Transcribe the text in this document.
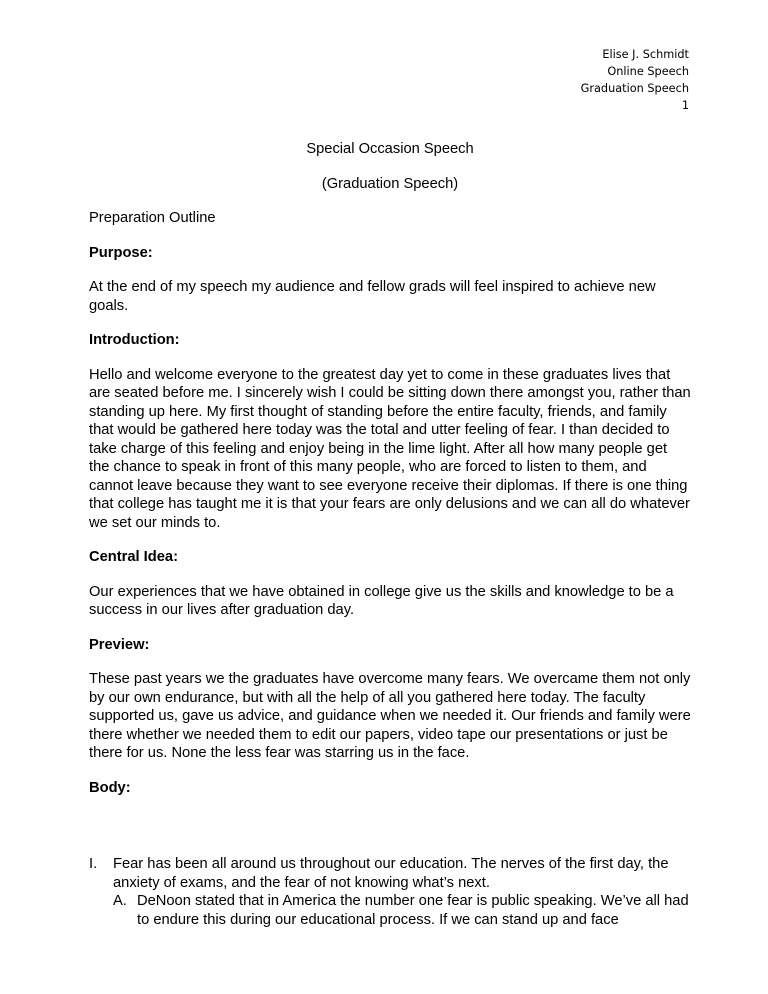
Elise J. Schmidt
Online Speech
Graduation Speech
1
Special Occasion Speech
(Graduation Speech)

Preparation Outline

Purpose:

At the end of my speech my audience and fellow grads will feel inspired to achieve new goals.

Introduction:

Hello and welcome everyone to the greatest day yet to come in these graduates lives that are seated before me. I sincerely wish I could be sitting down there amongst you, rather than standing up here. My first thought of standing before the entire faculty, friends, and family that would be gathered here today was the total and utter feeling of fear. I than decided to take charge of this feeling and enjoy being in the lime light. After all how many people get the chance to speak in front of this many people, who are forced to listen to them, and cannot leave because they want to see everyone receive their diplomas. If there is one thing that college has taught me it is that your fears are only delusions and we can all do whatever we set our minds to.

Central Idea:

Our experiences that we have obtained in college give us the skills and knowledge to be a success in our lives after graduation day.

Preview:

These past years we the graduates have overcome many fears. We overcame them not only by our own endurance, but with all the help of all you gathered here today. The faculty supported us, gave us advice, and guidance when we needed it. Our friends and family were there whether we needed them to edit our papers, video tape our presentations or just be there for us. None the less fear was starring us in the face.

Body:
I. Fear has been all around us throughout our education. The nerves of the first day, the anxiety of exams, and the fear of not knowing what’s next.
A. DeNoon stated that in America the number one fear is public speaking. We’ve all had to endure this during our educational process. If we can stand up and face
